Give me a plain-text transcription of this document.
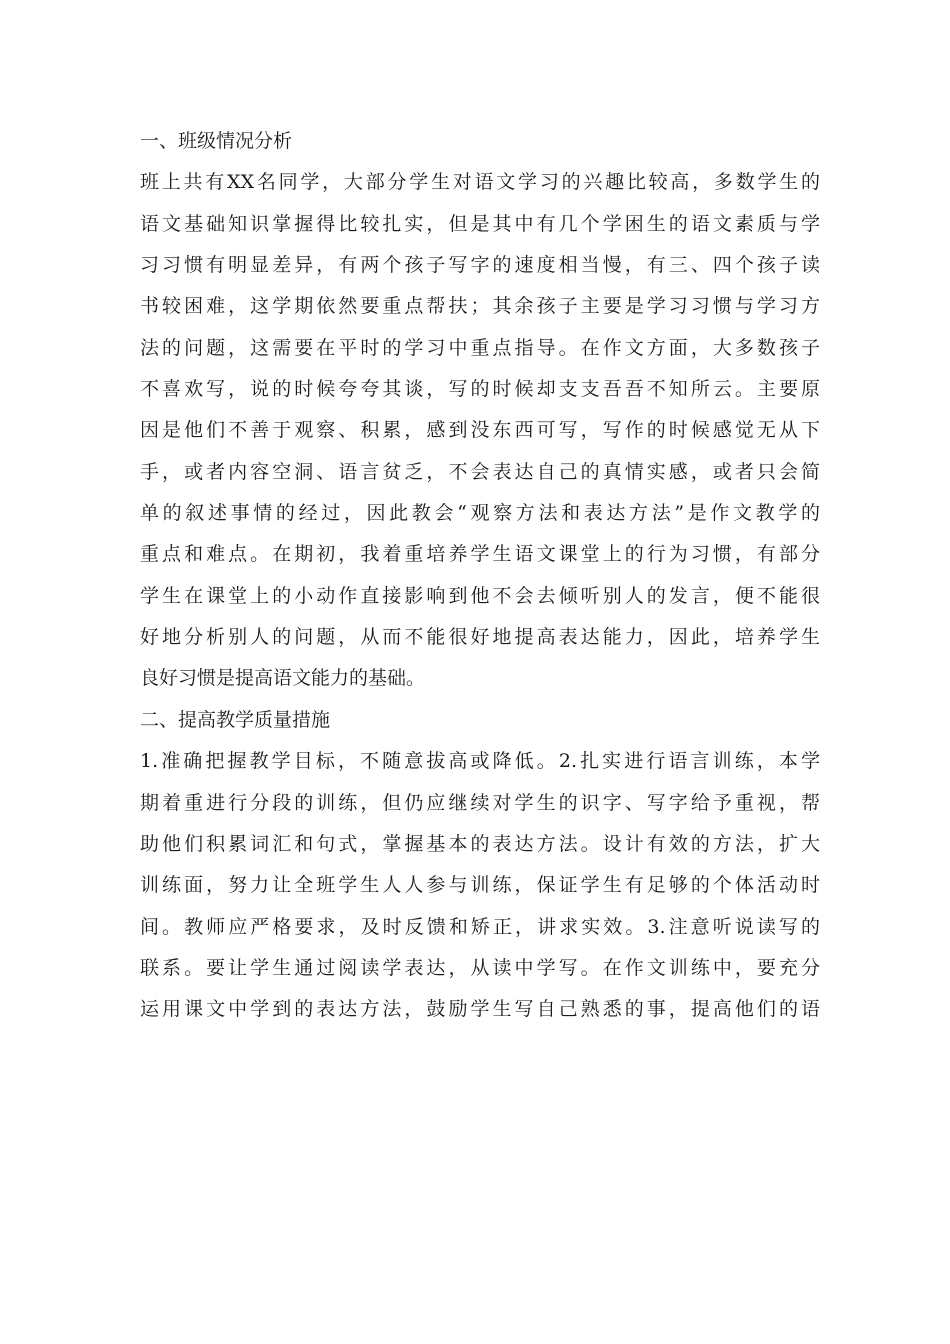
一、班级情况分析
班上共有XX名同学，大部分学生对语文学习的兴趣比较高，多数学生的
语文基础知识掌握得比较扎实，但是其中有几个学困生的语文素质与学
习习惯有明显差异，有两个孩子写字的速度相当慢，有三、四个孩子读
书较困难，这学期依然要重点帮扶；其余孩子主要是学习习惯与学习方
法的问题，这需要在平时的学习中重点指导。在作文方面，大多数孩子
不喜欢写，说的时候夸夸其谈，写的时候却支支吾吾不知所云。主要原
因是他们不善于观察、积累，感到没东西可写，写作的时候感觉无从下
手，或者内容空洞、语言贫乏，不会表达自己的真情实感，或者只会简
单的叙述事情的经过，因此教会“观察方法和表达方法”是作文教学的
重点和难点。在期初，我着重培养学生语文课堂上的行为习惯，有部分
学生在课堂上的小动作直接影响到他不会去倾听别人的发言，便不能很
好地分析别人的问题，从而不能很好地提高表达能力，因此，培养学生
良好习惯是提高语文能力的基础。
二、提高教学质量措施
1.准确把握教学目标，不随意拔高或降低。2.扎实进行语言训练，本学
期着重进行分段的训练，但仍应继续对学生的识字、写字给予重视，帮
助他们积累词汇和句式，掌握基本的表达方法。设计有效的方法，扩大
训练面，努力让全班学生人人参与训练，保证学生有足够的个体活动时
间。教师应严格要求，及时反馈和矫正，讲求实效。3.注意听说读写的
联系。要让学生通过阅读学表达，从读中学写。在作文训练中，要充分
运用课文中学到的表达方法，鼓励学生写自己熟悉的事，提高他们的语
